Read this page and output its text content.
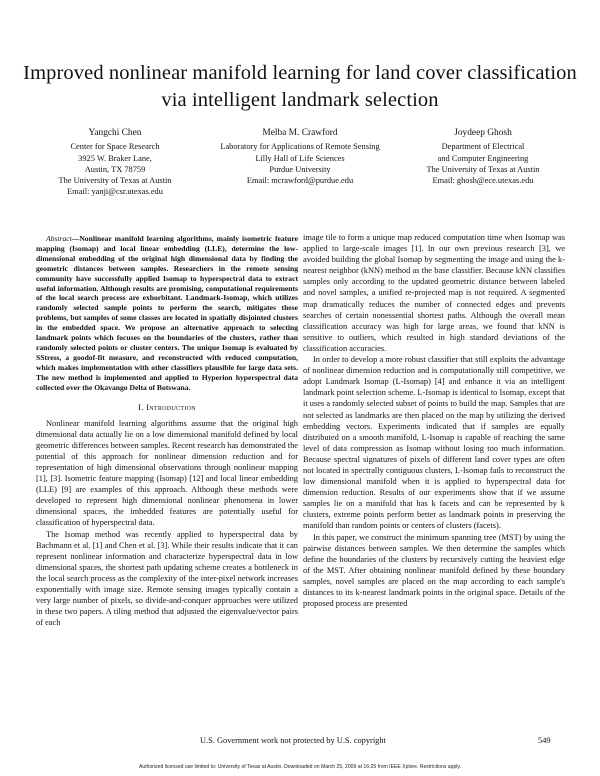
Improved nonlinear manifold learning for land cover classification via intelligent landmark selection
Yangchi Chen
Center for Space Research
3925 W. Braker Lane,
Austin, TX 78759
The University of Texas at Austin
Email: yanji@csr.utexas.edu
Melba M. Crawford
Laboratory for Applications of Remote Sensing
Lilly Hall of Life Sciences
Purdue University
Email: mcrawford@purdue.edu
Joydeep Ghosh
Department of Electrical
and Computer Engineering
The University of Texas at Austin
Email: ghosh@ece.utexas.edu

Abstract—Nonlinear manifold learning algorithms, mainly isometric feature mapping (Isomap) and local linear embedding (LLE), determine the low-dimensional embedding of the original high dimensional data by finding the geometric distances between samples. Researchers in the remote sensing community have successfully applied Isomap to hyperspectral data to extract useful information. Although results are promising, computational requirements of the local search process are exhorbitant. Landmark-Isomap, which utilizes randomly selected sample points to perform the search, mitigates these problems, but samples of some classes are located in spatially disjointed clusters in the embedded space. We propose an alternative approach to selecting landmark points which focuses on the boundaries of the clusters, rather than randomly selected points or cluster centers. The unique Isomap is evaluated by SStress, a goodof-fit measure, and reconstructed with reduced computation, which makes implementation with other classifiers plausible for large data sets. The new method is implemented and applied to Hyperion hyperspectral data collected over the Okavango Delta of Botswana.

I. Introduction

Nonlinear manifold learning algorithms assume that the original high dimensional data actually lie on a low dimensional manifold defined by local geometric differences between samples. Recent research has demonstrated the potential of this approach for nonlinear dimension reduction and for representation of high dimensional observations through nonlinear mapping [1], [3]. Isometric feature mapping (Isomap) [12] and local linear embedding (LLE) [9] are examples of this approach. Although these methods were developed to represent high dimensional nonlinear phenomena in lower dimensional spaces, the imbedded features are potentially useful for classification of hyperspectral data.

The Isomap method was recently applied to hyperspectral data by Bachmann et al. [1] and Chen et al. [3]. While their results indicate that it can represent nonlinear information and characterize hyperspectral data in low dimensional spaces, the shortest path updating scheme creates a bottleneck in the local search process as the complexity of the inter-pixel network increases exponentially with image size. Remote sensing images typically contain a very large number of pixels, so divide-and-conquer approaches were utilized in these two papers. A tiling method that adjusted the eigenvalue/vector pairs of each

image tile to form a unique map reduced computation time when Isomap was applied to large-scale images [1]. In our own previous research [3], we avoided building the global Isomap by segmenting the image and using the k-nearest neighbor (kNN) method as the base classifier. Because kNN classifies samples only according to the updated geometric distance between labeled and novel samples, a unified re-projected map is not required. A segmented map dramatically reduces the number of connected edges and prevents searches of certain nonessential shortest paths. Although the overall mean classification accuracy was high for large areas, we found that kNN is sensitive to outliers, which resulted in high standard deviations of the classification accuracies.

In order to develop a more robust classifier that still exploits the advantage of nonlinear dimension reduction and is computationally still competitive, we adopt Landmark Isomap (L-Isomap) [4] and enhance it via an intelligent landmark point selection scheme. L-Isomap is identical to Isomap, except that it uses a randomly selected subset of points to build the map. Samples that are not selected as landmarks are then placed on the map by utilizing the derived embedding vectors. Experiments indicated that if samples are equally distributed on a smooth manifold, L-Isomap is capable of reaching the same level of data compression as Isomap without losing too much information. Because spectral signatures of pixels of different land cover types are often not located in spectrally contiguous clusters, L-Isomap fails to reconstruct the low dimensional manifold when it is applied to hyperspectral data for dimension reduction. Results of our experiments show that if we assume samples lie on a manifold that has k facets and can be represented by k clusters, extreme points perform better as landmark points in preserving the manifold than random points or centers of clusters (facets).

In this paper, we construct the minimum spanning tree (MST) by using the pairwise distances between samples. We then determine the samples which define the boundaries of the clusters by recursively cutting the heaviest edge of the MST. After obtaining nonlinear manifold defined by these boundary samples, novel samples are placed on the map according to each sample's distances to its k-nearest landmark points in the original space. Details of the proposed process are presented

U.S. Government work not protected by U.S. copyright	549
Authorized licensed use limited to: University of Texas at Austin. Downloaded on March 25, 2009 at 16:25 from IEEE Xplore. Restrictions apply.
